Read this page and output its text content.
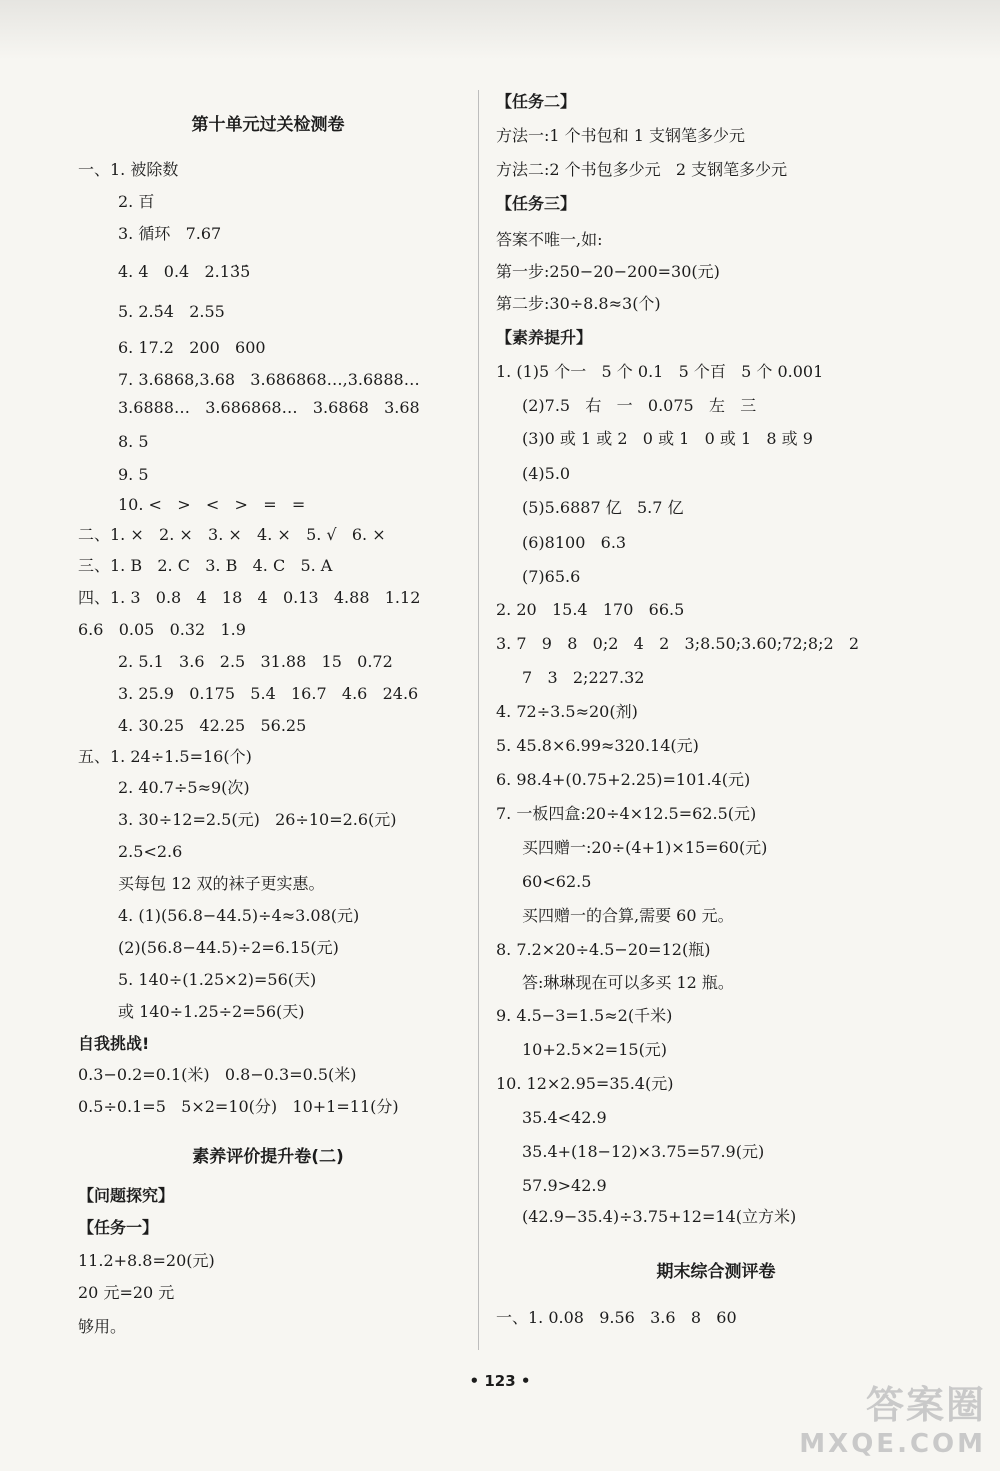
第十单元过关检测卷
一、1. 被除数
2. 百
3. 循环   7.67
4. 4   0.4̇   2.13̇5̇
5. 2.5̇4̇   2.55
6. 17.2   200   600
7. 3.6868,3.68   3.686868…,3.6888…
3.6888…   3.686868…   3.6868   3.68
8. 5
9. 5
10. <   >   <   >   =   =
二、1. ×   2. ×   3. ×   4. ×   5. √   6. ×
三、1. B   2. C   3. B   4. C   5. A
四、1. 3   0.8   4   18   4   0.13   4.88   1.12
6.6   0.05   0.32   1.9
2. 5.1   3.6   2.5   31.88   15   0.72
3. 25.9   0.175   5.4   16.7   4.6   24.6
4. 30.25   42.25   56.25
五、1. 24÷1.5=16(个)
2. 40.7÷5≈9(次)
3. 30÷12=2.5(元)   26÷10=2.6(元)
2.5<2.6
买每包 12 双的袜子更实惠。
4. (1)(56.8−44.5)÷4≈3.08(元)
(2)(56.8−44.5)÷2=6.15(元)
5. 140÷(1.25×2)=56(天)
或 140÷1.25÷2=56(天)
自我挑战!
0.3−0.2=0.1(米)   0.8−0.3=0.5(米)
0.5÷0.1=5   5×2=10(分)   10+1=11(分)
素养评价提升卷(二)
【问题探究】
【任务一】
11.2+8.8=20(元)
20 元=20 元
够用。
【任务二】
方法一:1 个书包和 1 支钢笔多少元
方法二:2 个书包多少元   2 支钢笔多少元
【任务三】
答案不唯一,如:
第一步:250−20−200=30(元)
第二步:30÷8.8≈3(个)
【素养提升】
1. (1)5 个一   5 个 0.1   5 个百   5 个 0.001
(2)7.5   右   一   0.075   左   三
(3)0 或 1 或 2   0 或 1   0 或 1   8 或 9
(4)5.0
(5)5.6887 亿   5.7 亿
(6)8100   6.3
(7)65.6
2. 20   15.4   170   66.5
3. 7   9   8   0;2   4   2   3;8.50;3.60;72;8;2   2
7   3   2;227.32
4. 72÷3.5≈20(剂)
5. 45.8×6.99≈320.14(元)
6. 98.4+(0.75+2.25)=101.4(元)
7. 一板四盒:20÷4×12.5=62.5(元)
买四赠一:20÷(4+1)×15=60(元)
60<62.5
买四赠一的合算,需要 60 元。
8. 7.2×20÷4.5−20=12(瓶)
答:琳琳现在可以多买 12 瓶。
9. 4.5−3=1.5≈2(千米)
10+2.5×2=15(元)
10. 12×2.95=35.4(元)
35.4<42.9
35.4+(18−12)×3.75=57.9(元)
57.9>42.9
(42.9−35.4)÷3.75+12=14(立方米)
期末综合测评卷
一、1. 0.08   9.56   3.6   8   60
• 123 •
答案圈
MXQE.COM
